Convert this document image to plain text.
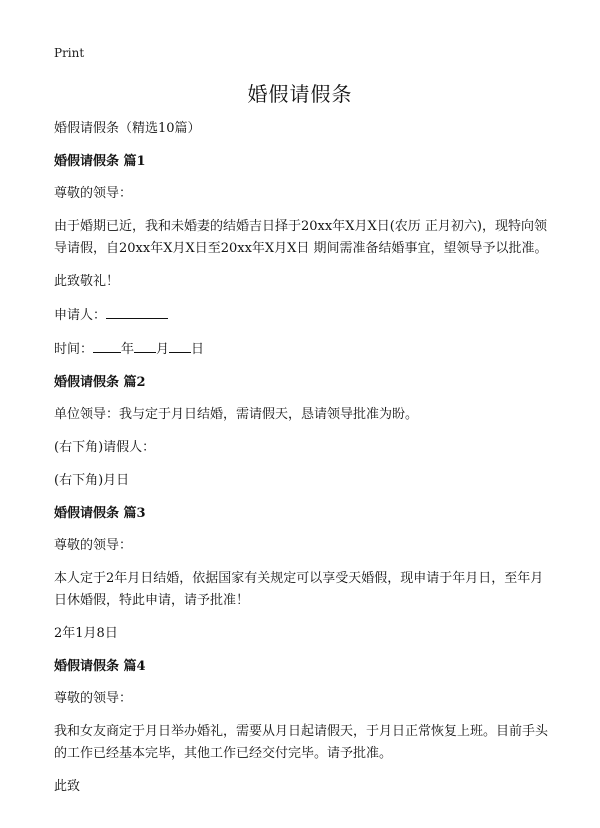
Print
婚假请假条

婚假请假条（精选10篇）

婚假请假条 篇1

尊敬的领导：

由于婚期已近，我和未婚妻的结婚吉日择于20xx年X月X日(农历 正月初六)，现特向领导请假，自20xx年X月X日至20xx年X月X日 期间需准备结婚事宜，望领导予以批准。

此致敬礼！

申请人：

时间： 年 月 日

婚假请假条 篇2

单位领导：我与定于月日结婚，需请假天，恳请领导批准为盼。

(右下角)请假人：

(右下角)月日

婚假请假条 篇3

尊敬的领导：

本人定于2年月日结婚，依据国家有关规定可以享受天婚假，现申请于年月日，至年月日休婚假，特此申请，请予批准！

2年1月8日

婚假请假条 篇4

尊敬的领导：

我和女友商定于月日举办婚礼，需要从月日起请假天，于月日正常恢复上班。目前手头的工作已经基本完毕，其他工作已经交付完毕。请予批准。

此致
